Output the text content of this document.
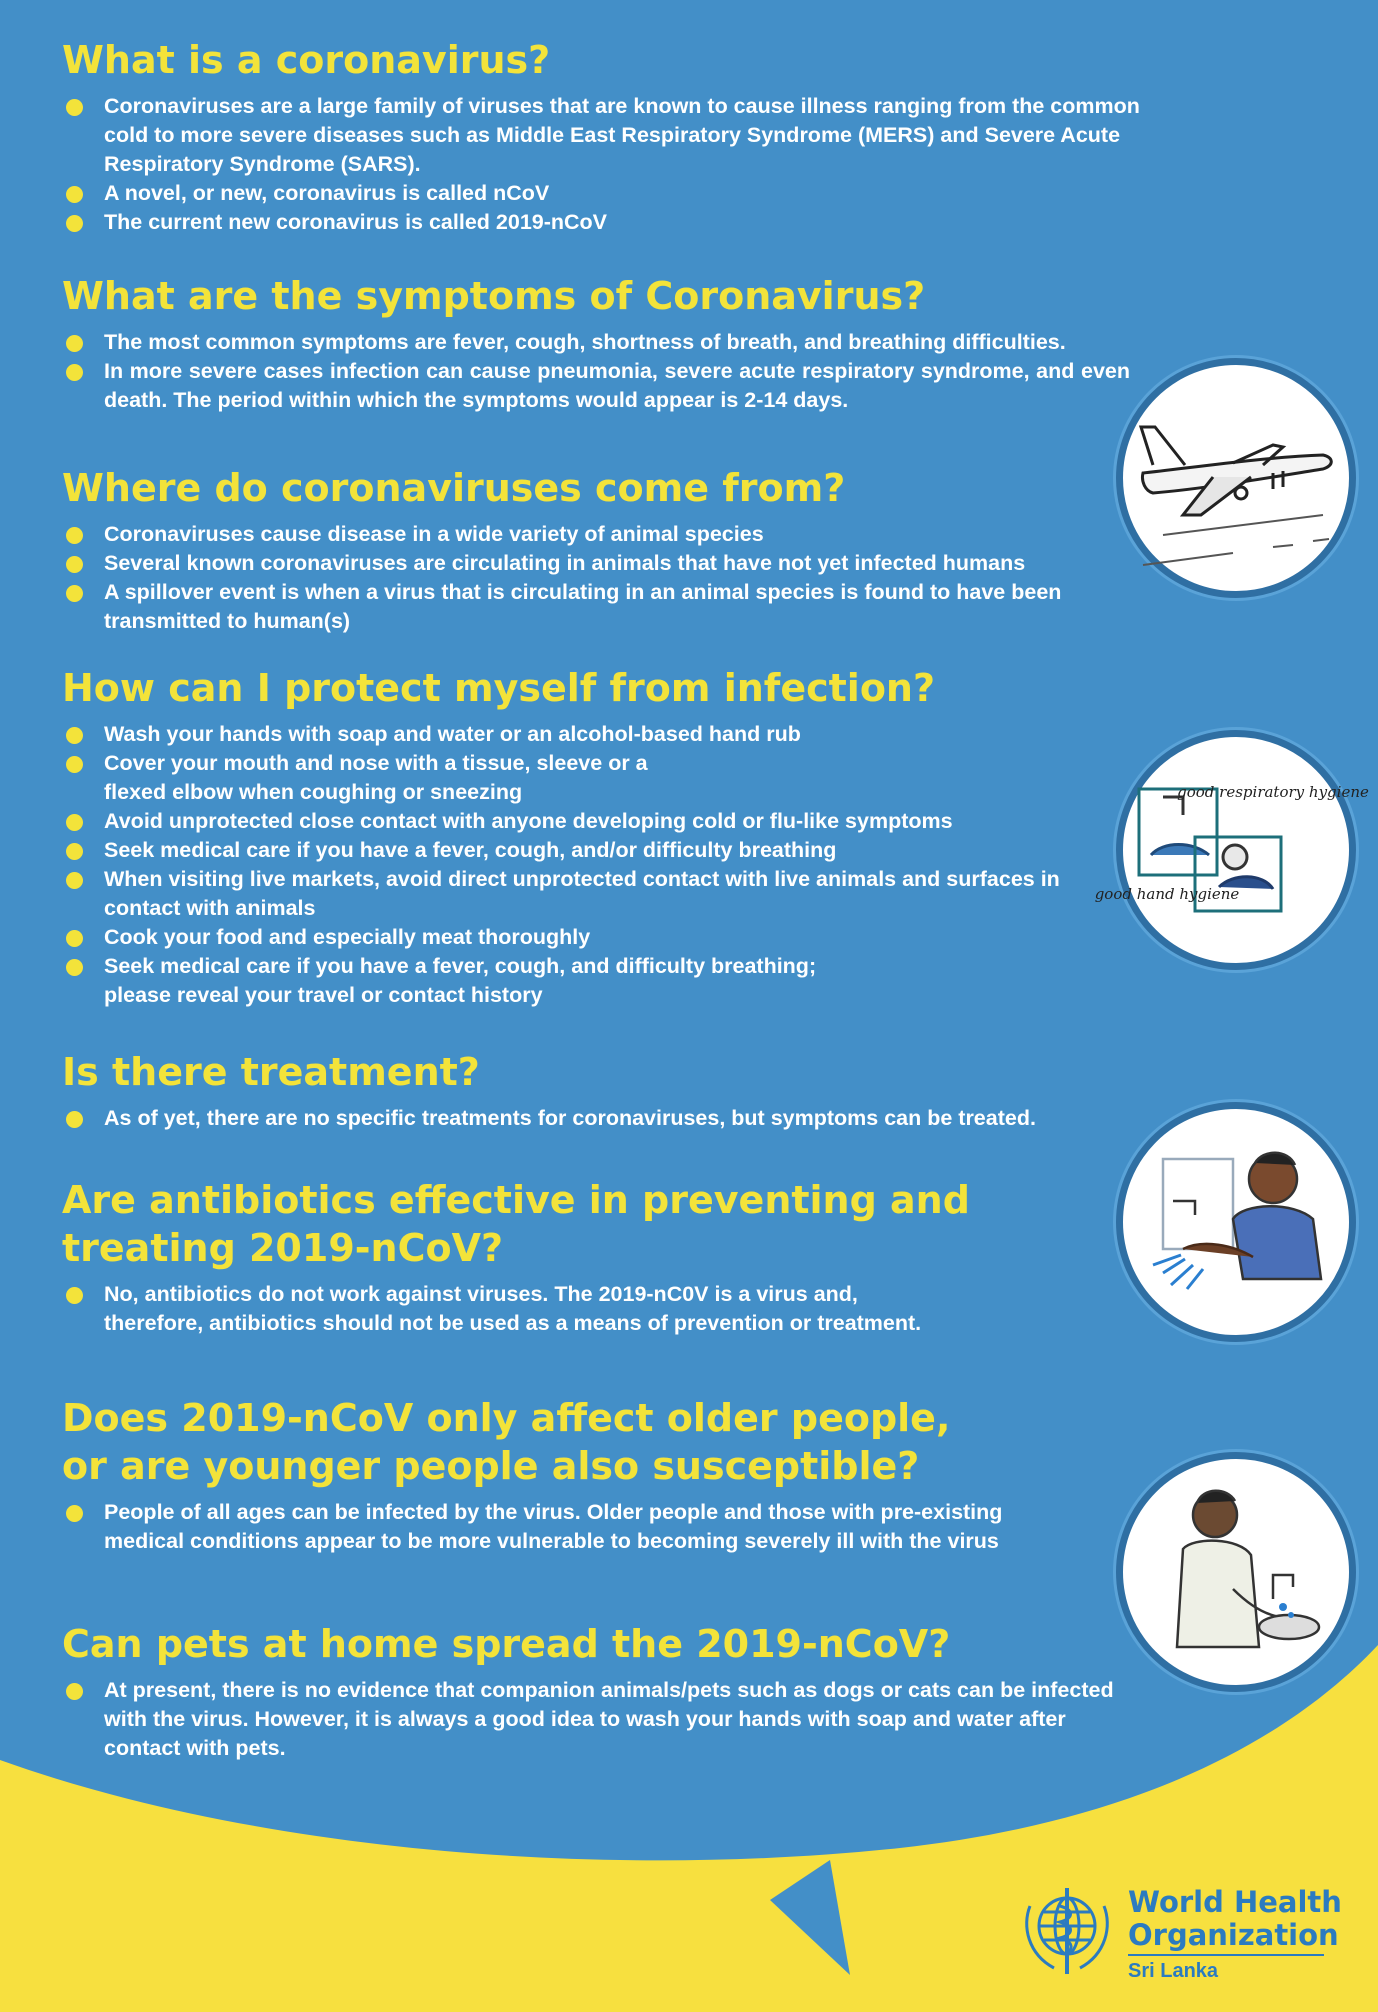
What is a coronavirus?
Coronaviruses are a large family of viruses that are known to cause illness ranging from the common cold to more severe diseases such as Middle East Respiratory Syndrome (MERS) and Severe Acute Respiratory Syndrome (SARS).
A novel, or new, coronavirus is called nCoV
The current new coronavirus is called 2019-nCoV
What are the symptoms of Coronavirus?
The most common symptoms are fever, cough, shortness of breath, and breathing difficulties.
In more severe cases infection can cause pneumonia, severe acute respiratory syndrome, and even death. The period within which the symptoms would appear is 2-14 days.
Where do coronaviruses come from?
Coronaviruses cause disease in a wide variety of animal species
Several known coronaviruses are circulating in animals that have not yet infected humans
A spillover event is when a virus that is circulating in an animal species is found to have been transmitted to human(s)
How can I protect myself from infection?
Wash your hands with soap and water or an alcohol-based hand rub
Cover your mouth and nose with a tissue, sleeve or a
flexed elbow when coughing or sneezing
Avoid unprotected close contact with anyone developing cold or flu-like symptoms
Seek medical care if you have a fever, cough, and/or difficulty breathing
When visiting live markets, avoid direct unprotected contact with live animals and surfaces in contact with animals
Cook your food and especially meat thoroughly
Seek medical care if you have a fever, cough, and difficulty breathing;
please reveal your travel or contact history
Is there treatment?
As of yet, there are no specific treatments for coronaviruses, but symptoms can be treated.
Are antibiotics effective in preventing and
treating 2019-nCoV?
No, antibiotics do not work against viruses. The 2019-nC0V is a virus and,
therefore, antibiotics should not be used as a means of prevention or treatment.
Does 2019-nCoV only affect older people,
or are younger people also susceptible?
People of all ages can be infected by the virus. Older people and those with pre-existing
medical conditions appear to be more vulnerable to becoming severely ill with the virus
Can pets at home spread the 2019-nCoV?
At present, there is no evidence that companion animals/pets such as dogs or cats can be infected with the virus. However, it is always a good idea to wash your hands with soap and water after contact with pets.
good respiratory hygiene
good hand hygiene
World Health
Organization
Sri Lanka
